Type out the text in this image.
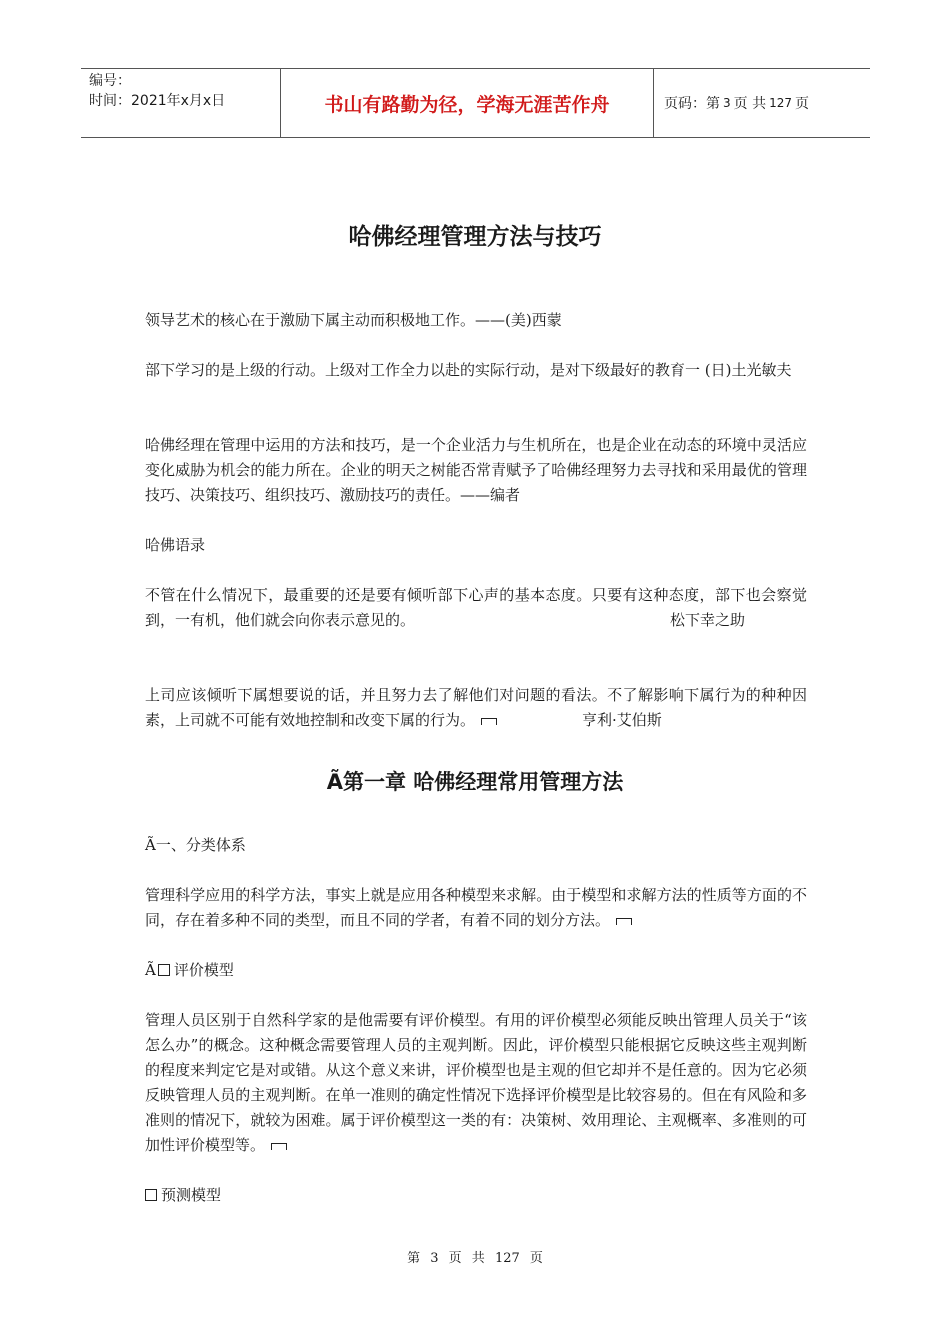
编号：
时间：2021年x月x日	书山有路勤为径，学海无涯苦作舟	页码：第 3 页 共 127 页
哈佛经理管理方法与技巧

领导艺术的核心在于激励下属主动而积极地工作。——(美)西蒙

部下学习的是上级的行动。上级对工作全力以赴的实际行动，是对下级最好的教育一 (日)土光敏夫

哈佛经理在管理中运用的方法和技巧，是一个企业活力与生机所在，也是企业在动态的环境中灵活应变化威胁为机会的能力所在。企业的明天之树能否常青赋予了哈佛经理努力去寻找和采用最优的管理技巧、决策技巧、组织技巧、激励技巧的责任。——编者

哈佛语录

不管在什么情况下，最重要的还是要有倾听部下心声的基本态度。只要有这种态度，部下也会察觉到，一有机，他们就会向你表示意见的。	松下幸之助

上司应该倾听下属想要说的话，并且努力去了解他们对问题的看法。不了解影响下属行为的种种因素，上司就不可能有效地控制和改变下属的行为。	亨利·艾伯斯

Ã第一章 哈佛经理常用管理方法

Ã一、分类体系

管理科学应用的科学方法，事实上就是应用各种模型来求解。由于模型和求解方法的性质等方面的不同，存在着多种不同的类型，而且不同的学者，有着不同的划分方法。

Ã 评价模型

管理人员区别于自然科学家的是他需要有评价模型。有用的评价模型必须能反映出管理人员关于“该怎么办”的概念。这种概念需要管理人员的主观判断。因此，评价模型只能根据它反映这些主观判断的程度来判定它是对或错。从这个意义来讲，评价模型也是主观的但它却并不是任意的。因为它必须反映管理人员的主观判断。在单一准则的确定性情况下选择评价模型是比较容易的。但在有风险和多准则的情况下，就较为困难。属于评价模型这一类的有：决策树、效用理论、主观概率、多准则的可加性评价模型等。

预测模型

第 3 页 共 127 页
